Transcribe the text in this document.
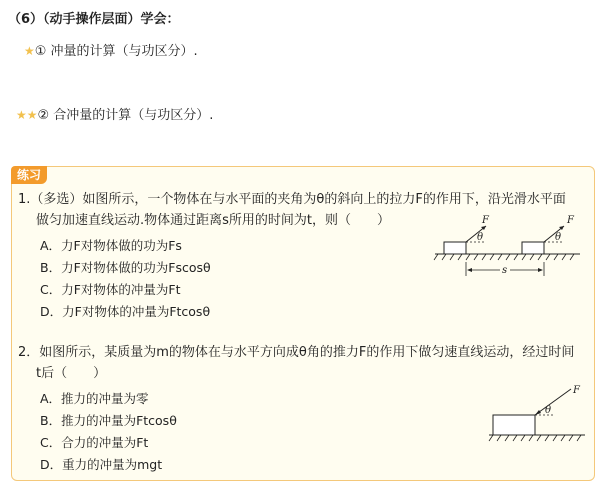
（6）（动手操作层面）学会：
★① 冲量的计算（与功区分）.
★★② 合冲量的计算（与功区分）.
练习
1.（多选）如图所示，一个物体在与水平面的夹角为θ的斜向上的拉力F的作用下，沿光滑水平面
做匀加速直线运动.物体通过距离s所用的时间为t，则（　　）
A．力F对物体做的功为Fs
B．力F对物体做的功为Fscosθ
C．力F对物体的冲量为Ft
D．力F对物体的冲量为Ftcosθ
F
θ
F
θ
s
2．如图所示，某质量为m的物体在与水平方向成θ角的推力F的作用下做匀速直线运动，经过时间
t后（　　）
A．推力的冲量为零
B．推力的冲量为Ftcosθ
C．合力的冲量为Ft
D．重力的冲量为mgt
F
θ
